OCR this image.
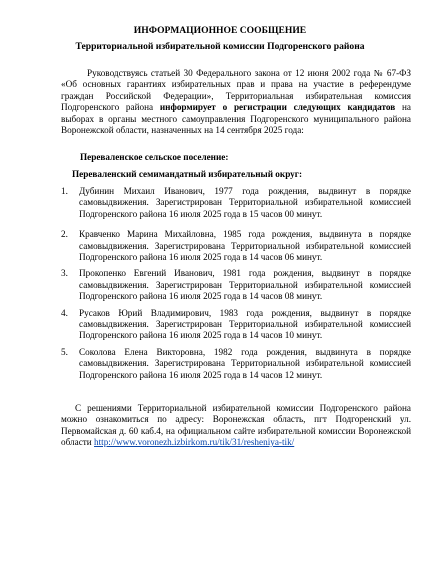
ИНФОРМАЦИОННОЕ СООБЩЕНИЕ
Территориальной избирательной комиссии Подгоренского района
Руководствуясь статьей 30 Федерального закона от 12 июня 2002 года № 67-ФЗ «Об основных гарантиях избирательных прав и права на участие в референдуме граждан Российской Федерации», Территориальная избирательная комиссия Подгоренского района информирует о регистрации следующих кандидатов на выборах в органы местного самоуправления Подгоренского муниципального района Воронежской области, назначенных на 14 сентября 2025 года:
Переваленское сельское поселение:
Переваленский семимандатный избирательный округ:
1. Дубинин Михаил Иванович, 1977 года рождения, выдвинут в порядке самовыдвижения. Зарегистрирован Территориальной избирательной комиссией Подгоренского района 16 июля 2025 года в 15 часов 00 минут.
2. Кравченко Марина Михайловна, 1985 года рождения, выдвинута в порядке самовыдвижения. Зарегистрирована Территориальной избирательной комиссией Подгоренского района 16 июля 2025 года в 14 часов 06 минут.
3. Прокопенко Евгений Иванович, 1981 года рождения, выдвинут в порядке самовыдвижения. Зарегистрирован Территориальной избирательной комиссией Подгоренского района 16 июля 2025 года в 14 часов 08 минут.
4. Русаков Юрий Владимирович, 1983 года рождения, выдвинут в порядке самовыдвижения. Зарегистрирован Территориальной избирательной комиссией Подгоренского района 16 июля 2025 года в 14 часов 10 минут.
5. Соколова Елена Викторовна, 1982 года рождения, выдвинута в порядке самовыдвижения. Зарегистрирована Территориальной избирательной комиссией Подгоренского района 16 июля 2025 года в 14 часов 12 минут.
С решениями Территориальной избирательной комиссии Подгоренского района можно ознакомиться по адресу: Воронежская область, пгт Подгоренский ул. Первомайская д. 60 каб.4, на официальном сайте избирательной комиссии Воронежской области http://www.voronezh.izbirkom.ru/tik/31/resheniya-tik/
